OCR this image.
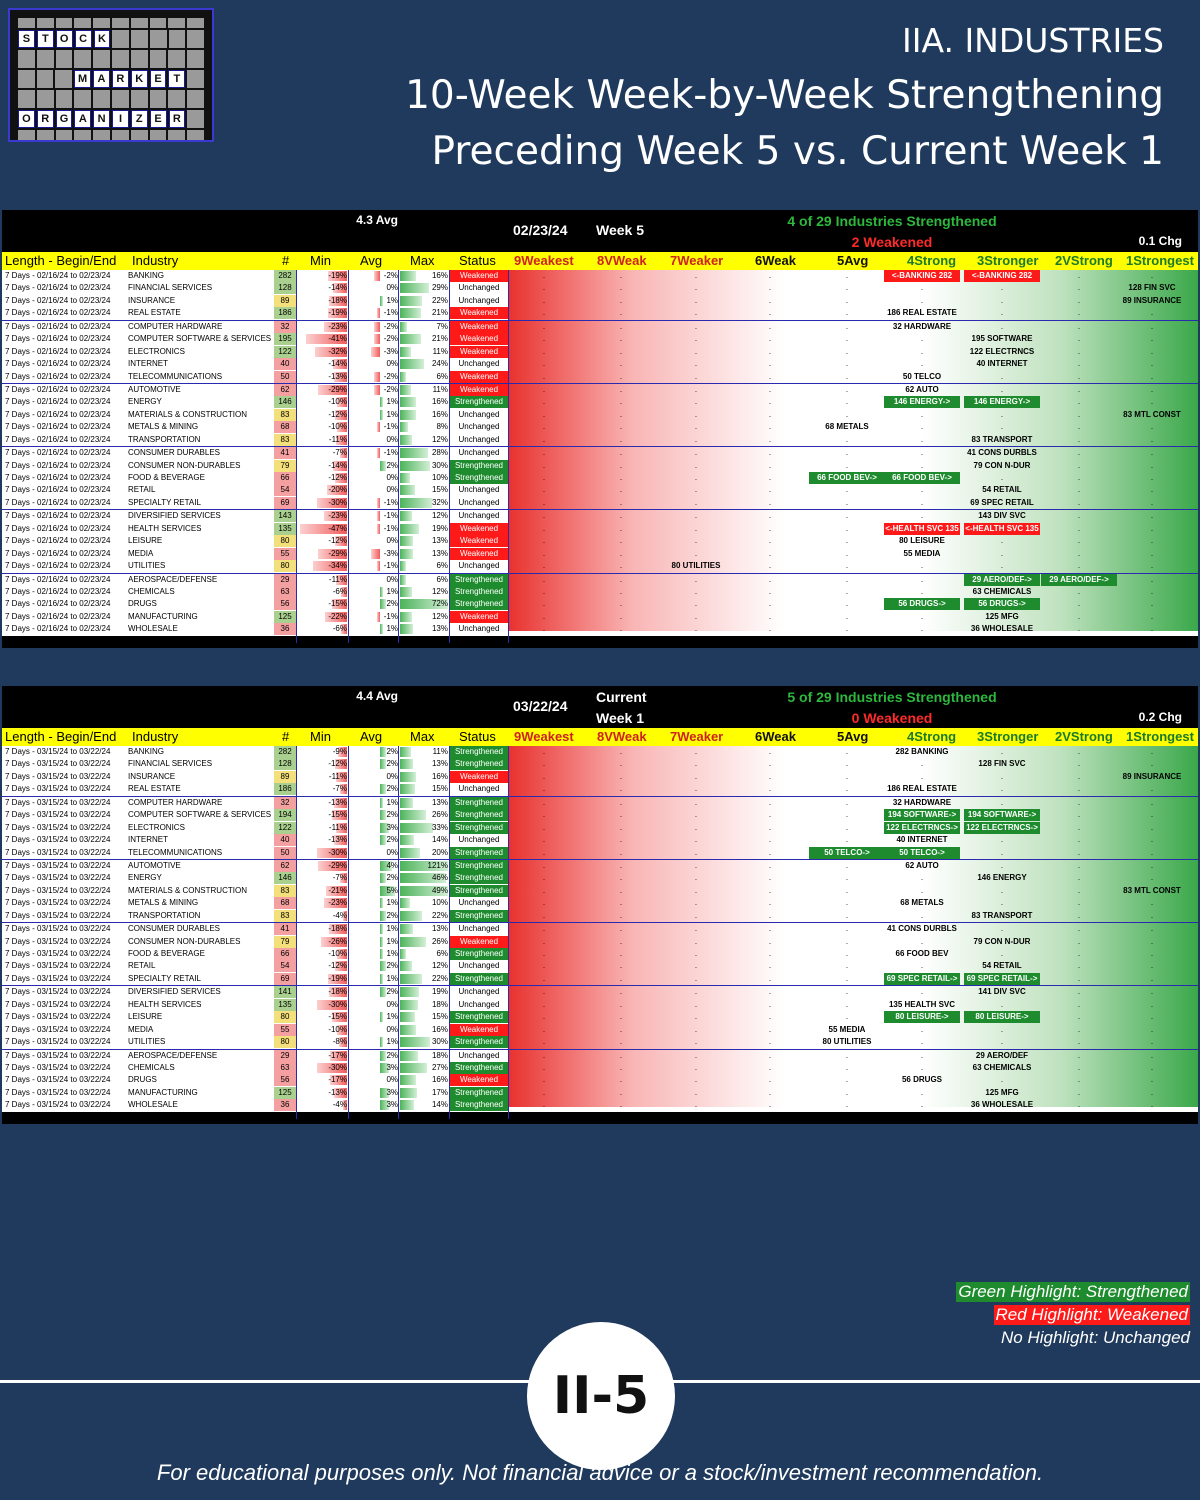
S	T	O C K
M A R K	E	T
O R G A N	I	Z	E	R
IIA. INDUSTRIES
10-Week Week-by-Week Strengthening
Preceding Week 5 vs. Current Week 1
02/23/24 Week 5
4 of 29 Industries Strengthened
2 Weakened
4.3 Avg
0.1 Chg
Length - Begin/End Industry	# Min Avg Max Status 9Weakest 8VWeak 7Weaker 6Weak	5Avg	4Strong 3Stronger 2VStrong 1Strongest
7 Days - 02/16/24 to 02/23/24 BANKING	282	-19%	-2%	16%	Weakened	.	.	.	.	.	<-BANKING 282	<-BANKING 282	.	.
7 Days - 02/16/24 to 02/23/24 FINANCIAL SERVICES	128	-14%	0%	29%	Unchanged	.	.	.	.	.	.	.	.	128 FIN SVC
7 Days - 02/16/24 to 02/23/24 INSURANCE	89	-18%	1%	22%	Unchanged	.	.	.	.	.	.	.	.	89 INSURANCE
7 Days - 02/16/24 to 02/23/24 REAL ESTATE	186	-19%	-1%	21%	Weakened	.	.	.	.	.	186 REAL ESTATE	.	.	.
7 Days - 02/16/24 to 02/23/24 COMPUTER HARDWARE	32	-23%	-2%	7%	Weakened	.	.	.	.	.	32 HARDWARE	.	.	.
7 Days - 02/16/24 to 02/23/24 COMPUTER SOFTWARE & SERVICES 195	-41%	-2%	21%	Weakened	.	.	.	.	.	.	195 SOFTWARE	.	.
7 Days - 02/16/24 to 02/23/24 ELECTRONICS	122	-32%	-3%	11%	Weakened	.	.	.	.	.	.	122 ELECTRNCS	.	.
7 Days - 02/16/24 to 02/23/24 INTERNET	40	-14%	0%	24%	Unchanged	.	.	.	.	.	.	40 INTERNET	.	.
7 Days - 02/16/24 to 02/23/24 TELECOMMUNICATIONS	50	-13%	-2%	6%	Weakened	.	.	.	.	.	50 TELCO	.	.	.
7 Days - 02/16/24 to 02/23/24 AUTOMOTIVE	62	-29%	-2%	11%	Weakened	.	.	.	.	.	62 AUTO	.	.	.
7 Days - 02/16/24 to 02/23/24 ENERGY	146	-10%	1%	16% Strengthened	.	.	.	.	.	146 ENERGY->	146 ENERGY->	.	.
7 Days - 02/16/24 to 02/23/24 MATERIALS & CONSTRUCTION	83	-12%	1%	16%	Unchanged	.	.	.	.	.	.	.	.	83 MTL CONST
7 Days - 02/16/24 to 02/23/24 METALS & MINING	68	-10%	-1%	8%	Unchanged	.	.	.	.	68 METALS	.	.	.	.
7 Days - 02/16/24 to 02/23/24 TRANSPORTATION	83	-11%	0%	12%	Unchanged	.	.	.	.	.	.	83 TRANSPORT	.	.
7 Days - 02/16/24 to 02/23/24 CONSUMER DURABLES	41	-7%	-1%	28%	Unchanged	.	.	.	.	.	.	41 CONS DURBLS	.	.
7 Days - 02/16/24 to 02/23/24 CONSUMER NON-DURABLES	79	-14%	2%	30% Strengthened	.	.	.	.	.	.	79 CON N-DUR	.	.
7 Days - 02/16/24 to 02/23/24 FOOD & BEVERAGE	66	-12%	0%	10% Strengthened	.	.	.	.	66 FOOD BEV->	66 FOOD BEV->	.	.	.
7 Days - 02/16/24 to 02/23/24 RETAIL	54	-20%	0%	15%	Unchanged	.	.	.	.	.	.	54 RETAIL	.	.
7 Days - 02/16/24 to 02/23/24 SPECIALTY RETAIL	69	-30%	-1%	32%	Unchanged	.	.	.	.	.	.	69 SPEC RETAIL	.	.
7 Days - 02/16/24 to 02/23/24 DIVERSIFIED SERVICES	143	-23%	-1%	12%	Unchanged	.	.	.	.	.	.	143 DIV SVC	.	.
7 Days - 02/16/24 to 02/23/24 HEALTH SERVICES	135	-47%	-1%	19%	Weakened	.	.	.	.	.	<-HEALTH SVC 135 <-HEALTH SVC 135	.	.
7 Days - 02/16/24 to 02/23/24 LEISURE	80	-12%	0%	13%	Weakened	.	.	.	.	.	80 LEISURE	.	.	.
7 Days - 02/16/24 to 02/23/24 MEDIA	55	-29%	-3%	13%	Weakened	.	.	.	.	.	55 MEDIA	.	.	.
7 Days - 02/16/24 to 02/23/24 UTILITIES	80	-34%	-1%	6%	Unchanged	.	.	80 UTILITIES	.	.	.	.	.	.
7 Days - 02/16/24 to 02/23/24 AEROSPACE/DEFENSE	29	-11%	0%	6% Strengthened	.	.	.	.	.	.	29 AERO/DEF->	29 AERO/DEF->	.
7 Days - 02/16/24 to 02/23/24 CHEMICALS	63	-6%	1%	12% Strengthened	.	.	.	.	.	.	63 CHEMICALS	.	.
7 Days - 02/16/24 to 02/23/24 DRUGS	56	-15%	2%	72% Strengthened	.	.	.	.	.	56 DRUGS->	56 DRUGS->	.	.
7 Days - 02/16/24 to 02/23/24 MANUFACTURING	125	-22%	-1%	12%	Weakened	.	.	.	.	.	.	125 MFG	.	.
7 Days - 02/16/24 to 02/23/24 WHOLESALE	36	-6%	1%	13%	Unchanged	.	.	.	.	.	.	36 WHOLESALE	.	.
03/22/24
Current
Week 1
5 of 29 Industries Strengthened
0 Weakened
4.4 Avg
0.2 Chg
Length - Begin/End Industry	# Min Avg Max Status 9Weakest 8VWeak 7Weaker 6Weak	5Avg	4Strong 3Stronger 2VStrong 1Strongest
7 Days - 03/15/24 to 03/22/24 BANKING	282	-9%	2%	11% Strengthened	.	.	.	.	.	282 BANKING	.	.	.
7 Days - 03/15/24 to 03/22/24 FINANCIAL SERVICES	128	-12%	2%	13% Strengthened	.	.	.	.	.	.	128 FIN SVC	.	.
7 Days - 03/15/24 to 03/22/24 INSURANCE	89	-11%	0%	16%	Weakened	.	.	.	.	.	.	.	.	89 INSURANCE
7 Days - 03/15/24 to 03/22/24 REAL ESTATE	186	-7%	2%	15%	Unchanged	.	.	.	.	.	186 REAL ESTATE	.	.	.
7 Days - 03/15/24 to 03/22/24 COMPUTER HARDWARE	32	-13%	1%	13% Strengthened	.	.	.	.	.	32 HARDWARE	.	.	.
7 Days - 03/15/24 to 03/22/24 COMPUTER SOFTWARE & SERVICES 194	-15%	2%	26% Strengthened	.	.	.	.	.	194 SOFTWARE->	194 SOFTWARE->	.	.
7 Days - 03/15/24 to 03/22/24 ELECTRONICS	122	-11%	3%	33% Strengthened	.	.	.	.	.	122 ELECTRNCS-> 122 ELECTRNCS->	.	.
7 Days - 03/15/24 to 03/22/24 INTERNET	40	-13%	2%	14%	Unchanged	.	.	.	.	.	40 INTERNET	.	.	.
7 Days - 03/15/24 to 03/22/24 TELECOMMUNICATIONS	50	-30%	0%	20% Strengthened	.	.	.	.	50 TELCO->	50 TELCO->	.	.	.
7 Days - 03/15/24 to 03/22/24 AUTOMOTIVE	62	-29%	4%	121% Strengthened	.	.	.	.	.	62 AUTO	.	.	.
7 Days - 03/15/24 to 03/22/24 ENERGY	146	-7%	2%	46% Strengthened	.	.	.	.	.	.	146 ENERGY	.	.
7 Days - 03/15/24 to 03/22/24 MATERIALS & CONSTRUCTION	83	-21%	5%	49% Strengthened	.	.	.	.	.	.	.	.	83 MTL CONST
7 Days - 03/15/24 to 03/22/24 METALS & MINING	68	-23%	1%	10%	Unchanged	.	.	.	.	.	68 METALS	.	.	.
7 Days - 03/15/24 to 03/22/24 TRANSPORTATION	83	-4%	2%	22% Strengthened	.	.	.	.	.	.	83 TRANSPORT	.	.
7 Days - 03/15/24 to 03/22/24 CONSUMER DURABLES	41	-18%	1%	13%	Unchanged	.	.	.	.	.	41 CONS DURBLS	.	.	.
7 Days - 03/15/24 to 03/22/24 CONSUMER NON-DURABLES	79	-26%	1%	26%	Weakened	.	.	.	.	.	.	79 CON N-DUR	.	.
7 Days - 03/15/24 to 03/22/24 FOOD & BEVERAGE	66	-10%	1%	6% Strengthened	.	.	.	.	.	66 FOOD BEV	.	.	.
7 Days - 03/15/24 to 03/22/24 RETAIL	54	-12%	2%	12%	Unchanged	.	.	.	.	.	.	54 RETAIL	.	.
7 Days - 03/15/24 to 03/22/24 SPECIALTY RETAIL	69	-19%	1%	22% Strengthened	.	.	.	.	.	69 SPEC RETAIL->	69 SPEC RETAIL->	.	.
7 Days - 03/15/24 to 03/22/24 DIVERSIFIED SERVICES	141	-18%	2%	19%	Unchanged	.	.	.	.	.	.	141 DIV SVC	.	.
7 Days - 03/15/24 to 03/22/24 HEALTH SERVICES	135	-30%	0%	18%	Unchanged	.	.	.	.	.	135 HEALTH SVC	.	.	.
7 Days - 03/15/24 to 03/22/24 LEISURE	80	-15%	1%	15% Strengthened	.	.	.	.	.	80 LEISURE->	80 LEISURE->	.	.
7 Days - 03/15/24 to 03/22/24 MEDIA	55	-10%	0%	16%	Weakened	.	.	.	.	55 MEDIA	.	.	.	.
7 Days - 03/15/24 to 03/22/24 UTILITIES	80	-8%	1%	30% Strengthened	.	.	.	.	80 UTILITIES	.	.	.	.
7 Days - 03/15/24 to 03/22/24 AEROSPACE/DEFENSE	29	-17%	2%	18%	Unchanged	.	.	.	.	.	.	29 AERO/DEF	.	.
7 Days - 03/15/24 to 03/22/24 CHEMICALS	63	-30%	3%	27% Strengthened	.	.	.	.	.	.	63 CHEMICALS	.	.
7 Days - 03/15/24 to 03/22/24 DRUGS	56	-17%	0%	16%	Weakened	.	.	.	.	.	56 DRUGS	.	.	.
7 Days - 03/15/24 to 03/22/24 MANUFACTURING	125	-13%	3%	17% Strengthened	.	.	.	.	.	.	125 MFG	.	.
7 Days - 03/15/24 to 03/22/24 WHOLESALE	36	-4%	3%	14% Strengthened	.	.	.	.	.	.	36 WHOLESALE	.	.
Green Highlight: Strengthened
Red Highlight: Weakened
No Highlight: Unchanged
II-5
For educational purposes only. Not financial advice or a stock/investment recommendation.
